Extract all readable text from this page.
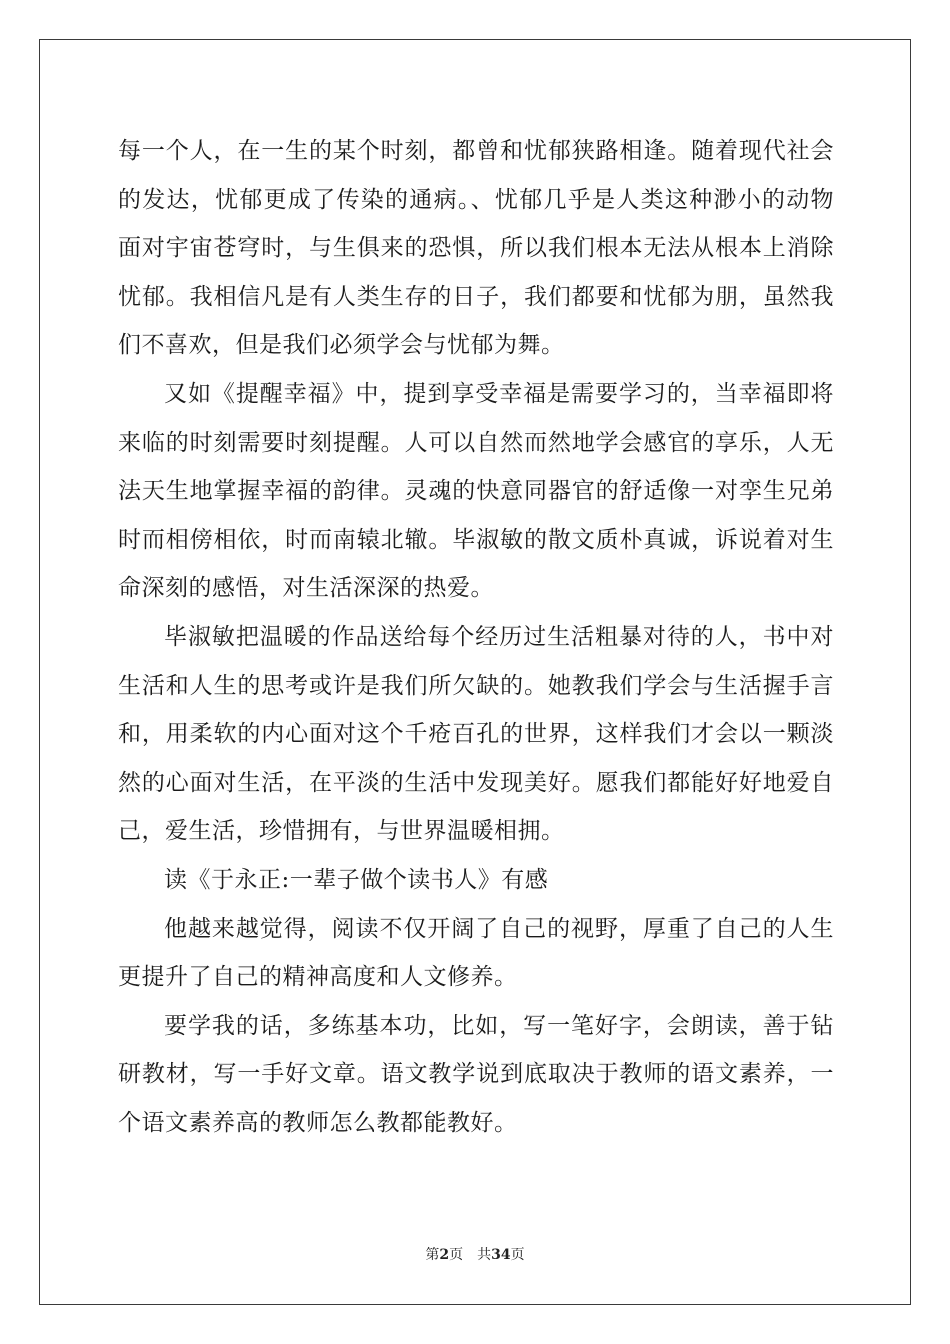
每一个人，在一生的某个时刻，都曾和忧郁狭路相逢。随着现代社会的发达，忧郁更成了传染的通病。、忧郁几乎是人类这种渺小的动物面对宇宙苍穹时，与生俱来的恐惧，所以我们根本无法从根本上消除忧郁。我相信凡是有人类生存的日子，我们都要和忧郁为朋，虽然我们不喜欢，但是我们必须学会与忧郁为舞。

又如《提醒幸福》中，提到享受幸福是需要学习的，当幸福即将来临的时刻需要时刻提醒。人可以自然而然地学会感官的享乐，人无法天生地掌握幸福的韵律。灵魂的快意同器官的舒适像一对孪生兄弟时而相傍相依，时而南辕北辙。毕淑敏的散文质朴真诚，诉说着对生命深刻的感悟，对生活深深的热爱。

毕淑敏把温暖的作品送给每个经历过生活粗暴对待的人，书中对生活和人生的思考或许是我们所欠缺的。她教我们学会与生活握手言和，用柔软的内心面对这个千疮百孔的世界，这样我们才会以一颗淡然的心面对生活，在平淡的生活中发现美好。愿我们都能好好地爱自己，爱生活，珍惜拥有，与世界温暖相拥。

读《于永正:一辈子做个读书人》有感

他越来越觉得，阅读不仅开阔了自己的视野，厚重了自己的人生更提升了自己的精神高度和人文修养。

要学我的话，多练基本功，比如，写一笔好字，会朗读，善于钻研教材，写一手好文章。语文教学说到底取决于教师的语文素养，一个语文素养高的教师怎么教都能教好。

第2页 共34页
